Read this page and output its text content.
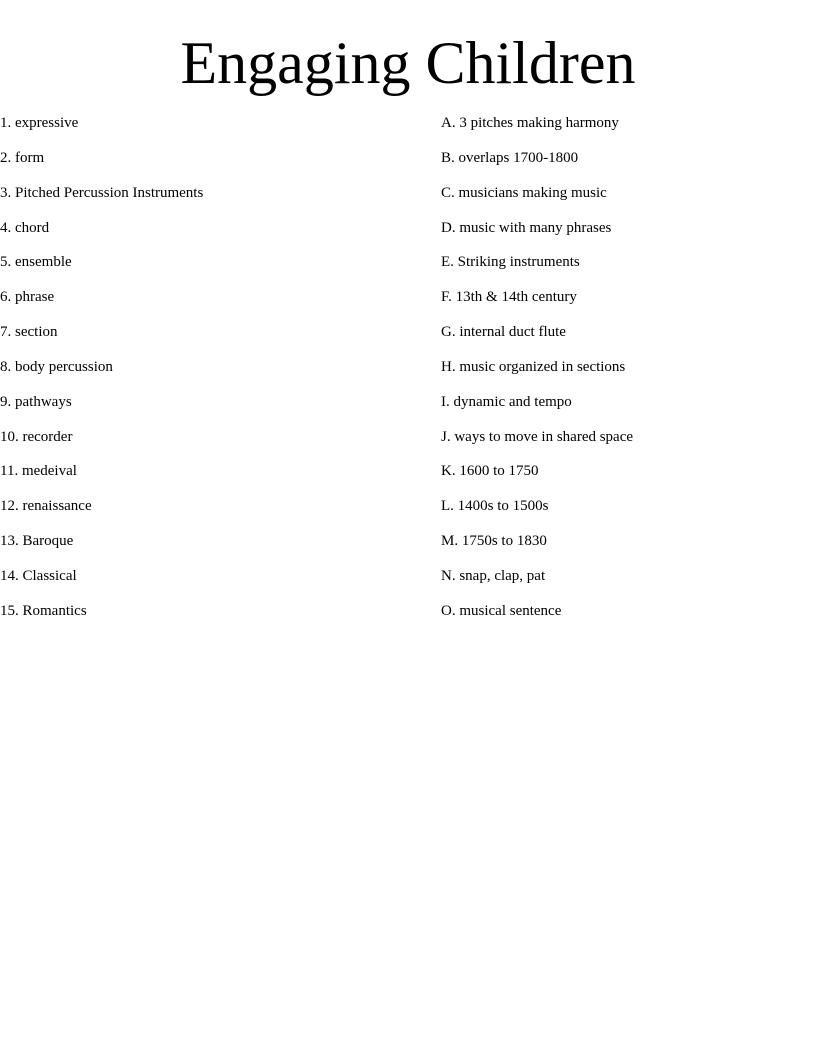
Engaging Children
1. expressive
2. form
3. Pitched Percussion Instruments
4. chord
5. ensemble
6. phrase
7. section
8. body percussion
9. pathways
10. recorder
11. medeival
12. renaissance
13. Baroque
14. Classical
15. Romantics
A. 3 pitches making harmony
B. overlaps 1700-1800
C. musicians making music
D. music with many phrases
E. Striking instruments
F. 13th & 14th century
G. internal duct flute
H. music organized in sections
I. dynamic and tempo
J. ways to move in shared space
K. 1600 to 1750
L. 1400s to 1500s
M. 1750s to 1830
N. snap, clap, pat
O. musical sentence
